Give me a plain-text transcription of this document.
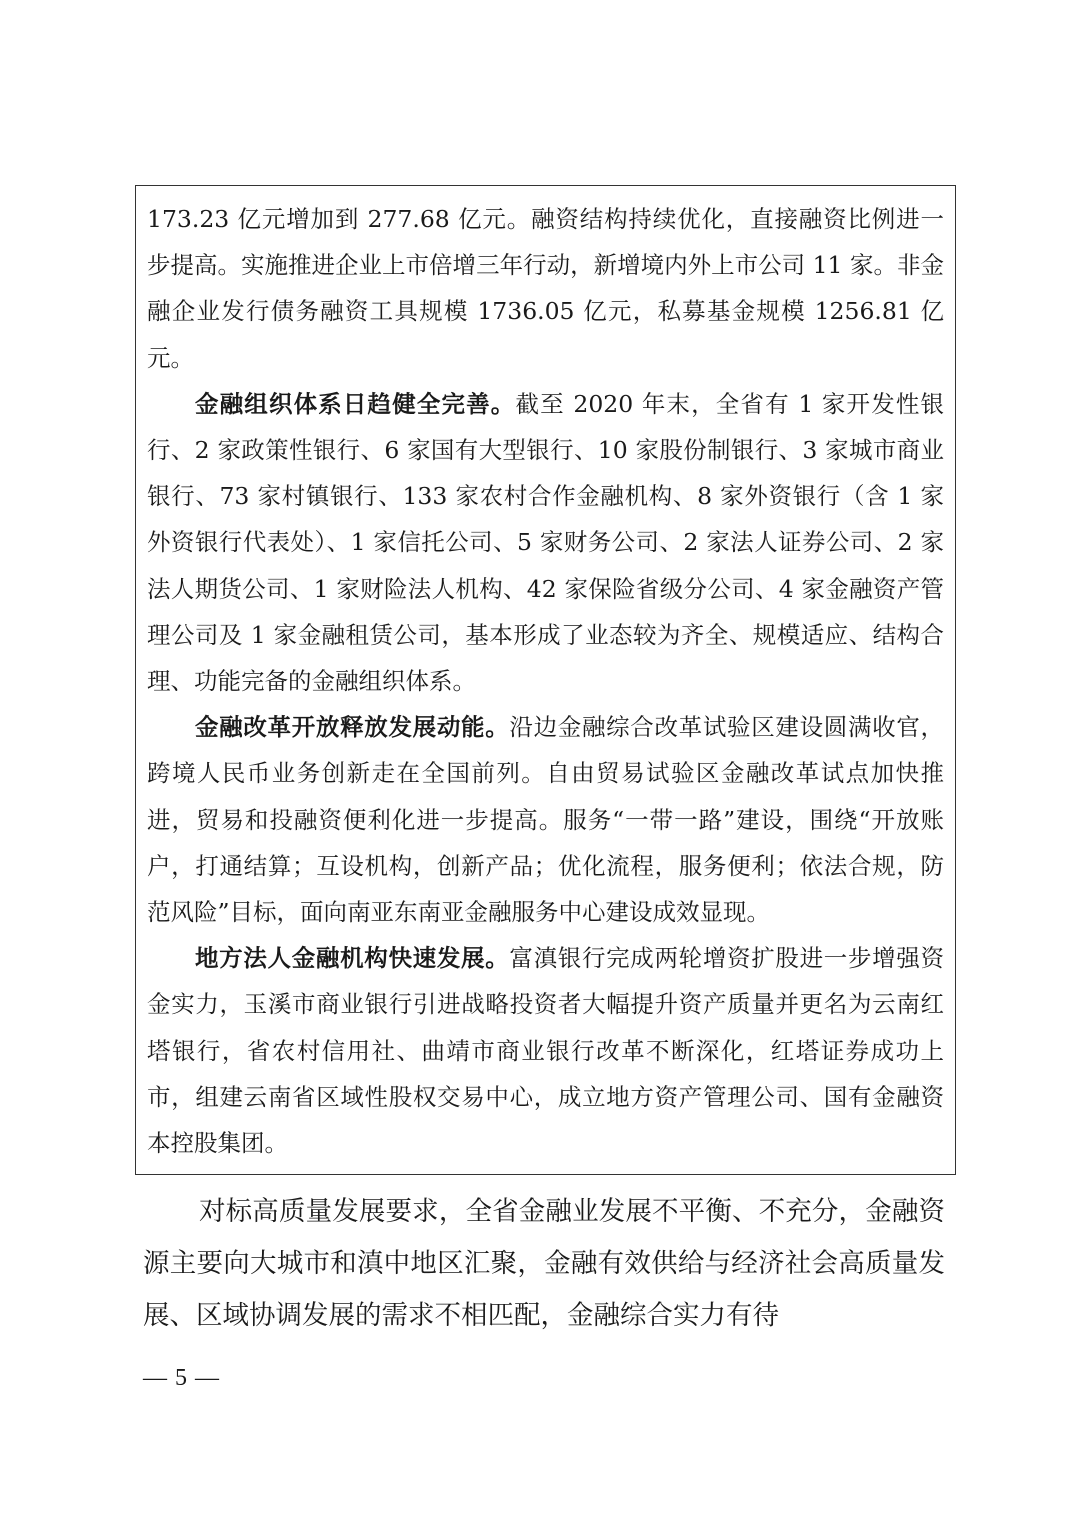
173.23 亿元增加到 277.68 亿元。融资结构持续优化，直接融资比例进一步提高。实施推进企业上市倍增三年行动，新增境内外上市公司 11 家。非金融企业发行债务融资工具规模 1736.05 亿元，私募基金规模 1256.81 亿元。

金融组织体系日趋健全完善。截至 2020 年末，全省有 1 家开发性银行、2 家政策性银行、6 家国有大型银行、10 家股份制银行、3 家城市商业银行、73 家村镇银行、133 家农村合作金融机构、8 家外资银行（含 1 家外资银行代表处）、1 家信托公司、5 家财务公司、2 家法人证券公司、2 家法人期货公司、1 家财险法人机构、42 家保险省级分公司、4 家金融资产管理公司及 1 家金融租赁公司，基本形成了业态较为齐全、规模适应、结构合理、功能完备的金融组织体系。

金融改革开放释放发展动能。沿边金融综合改革试验区建设圆满收官，跨境人民币业务创新走在全国前列。自由贸易试验区金融改革试点加快推进，贸易和投融资便利化进一步提高。服务“一带一路”建设，围绕“开放账户，打通结算；互设机构，创新产品；优化流程，服务便利；依法合规，防范风险”目标，面向南亚东南亚金融服务中心建设成效显现。

地方法人金融机构快速发展。富滇银行完成两轮增资扩股进一步增强资金实力，玉溪市商业银行引进战略投资者大幅提升资产质量并更名为云南红塔银行，省农村信用社、曲靖市商业银行改革不断深化，红塔证券成功上市，组建云南省区域性股权交易中心，成立地方资产管理公司、国有金融资本控股集团。

对标高质量发展要求，全省金融业发展不平衡、不充分，金融资源主要向大城市和滇中地区汇聚，金融有效供给与经济社会高质量发展、区域协调发展的需求不相匹配，金融综合实力有待

— 5 —
